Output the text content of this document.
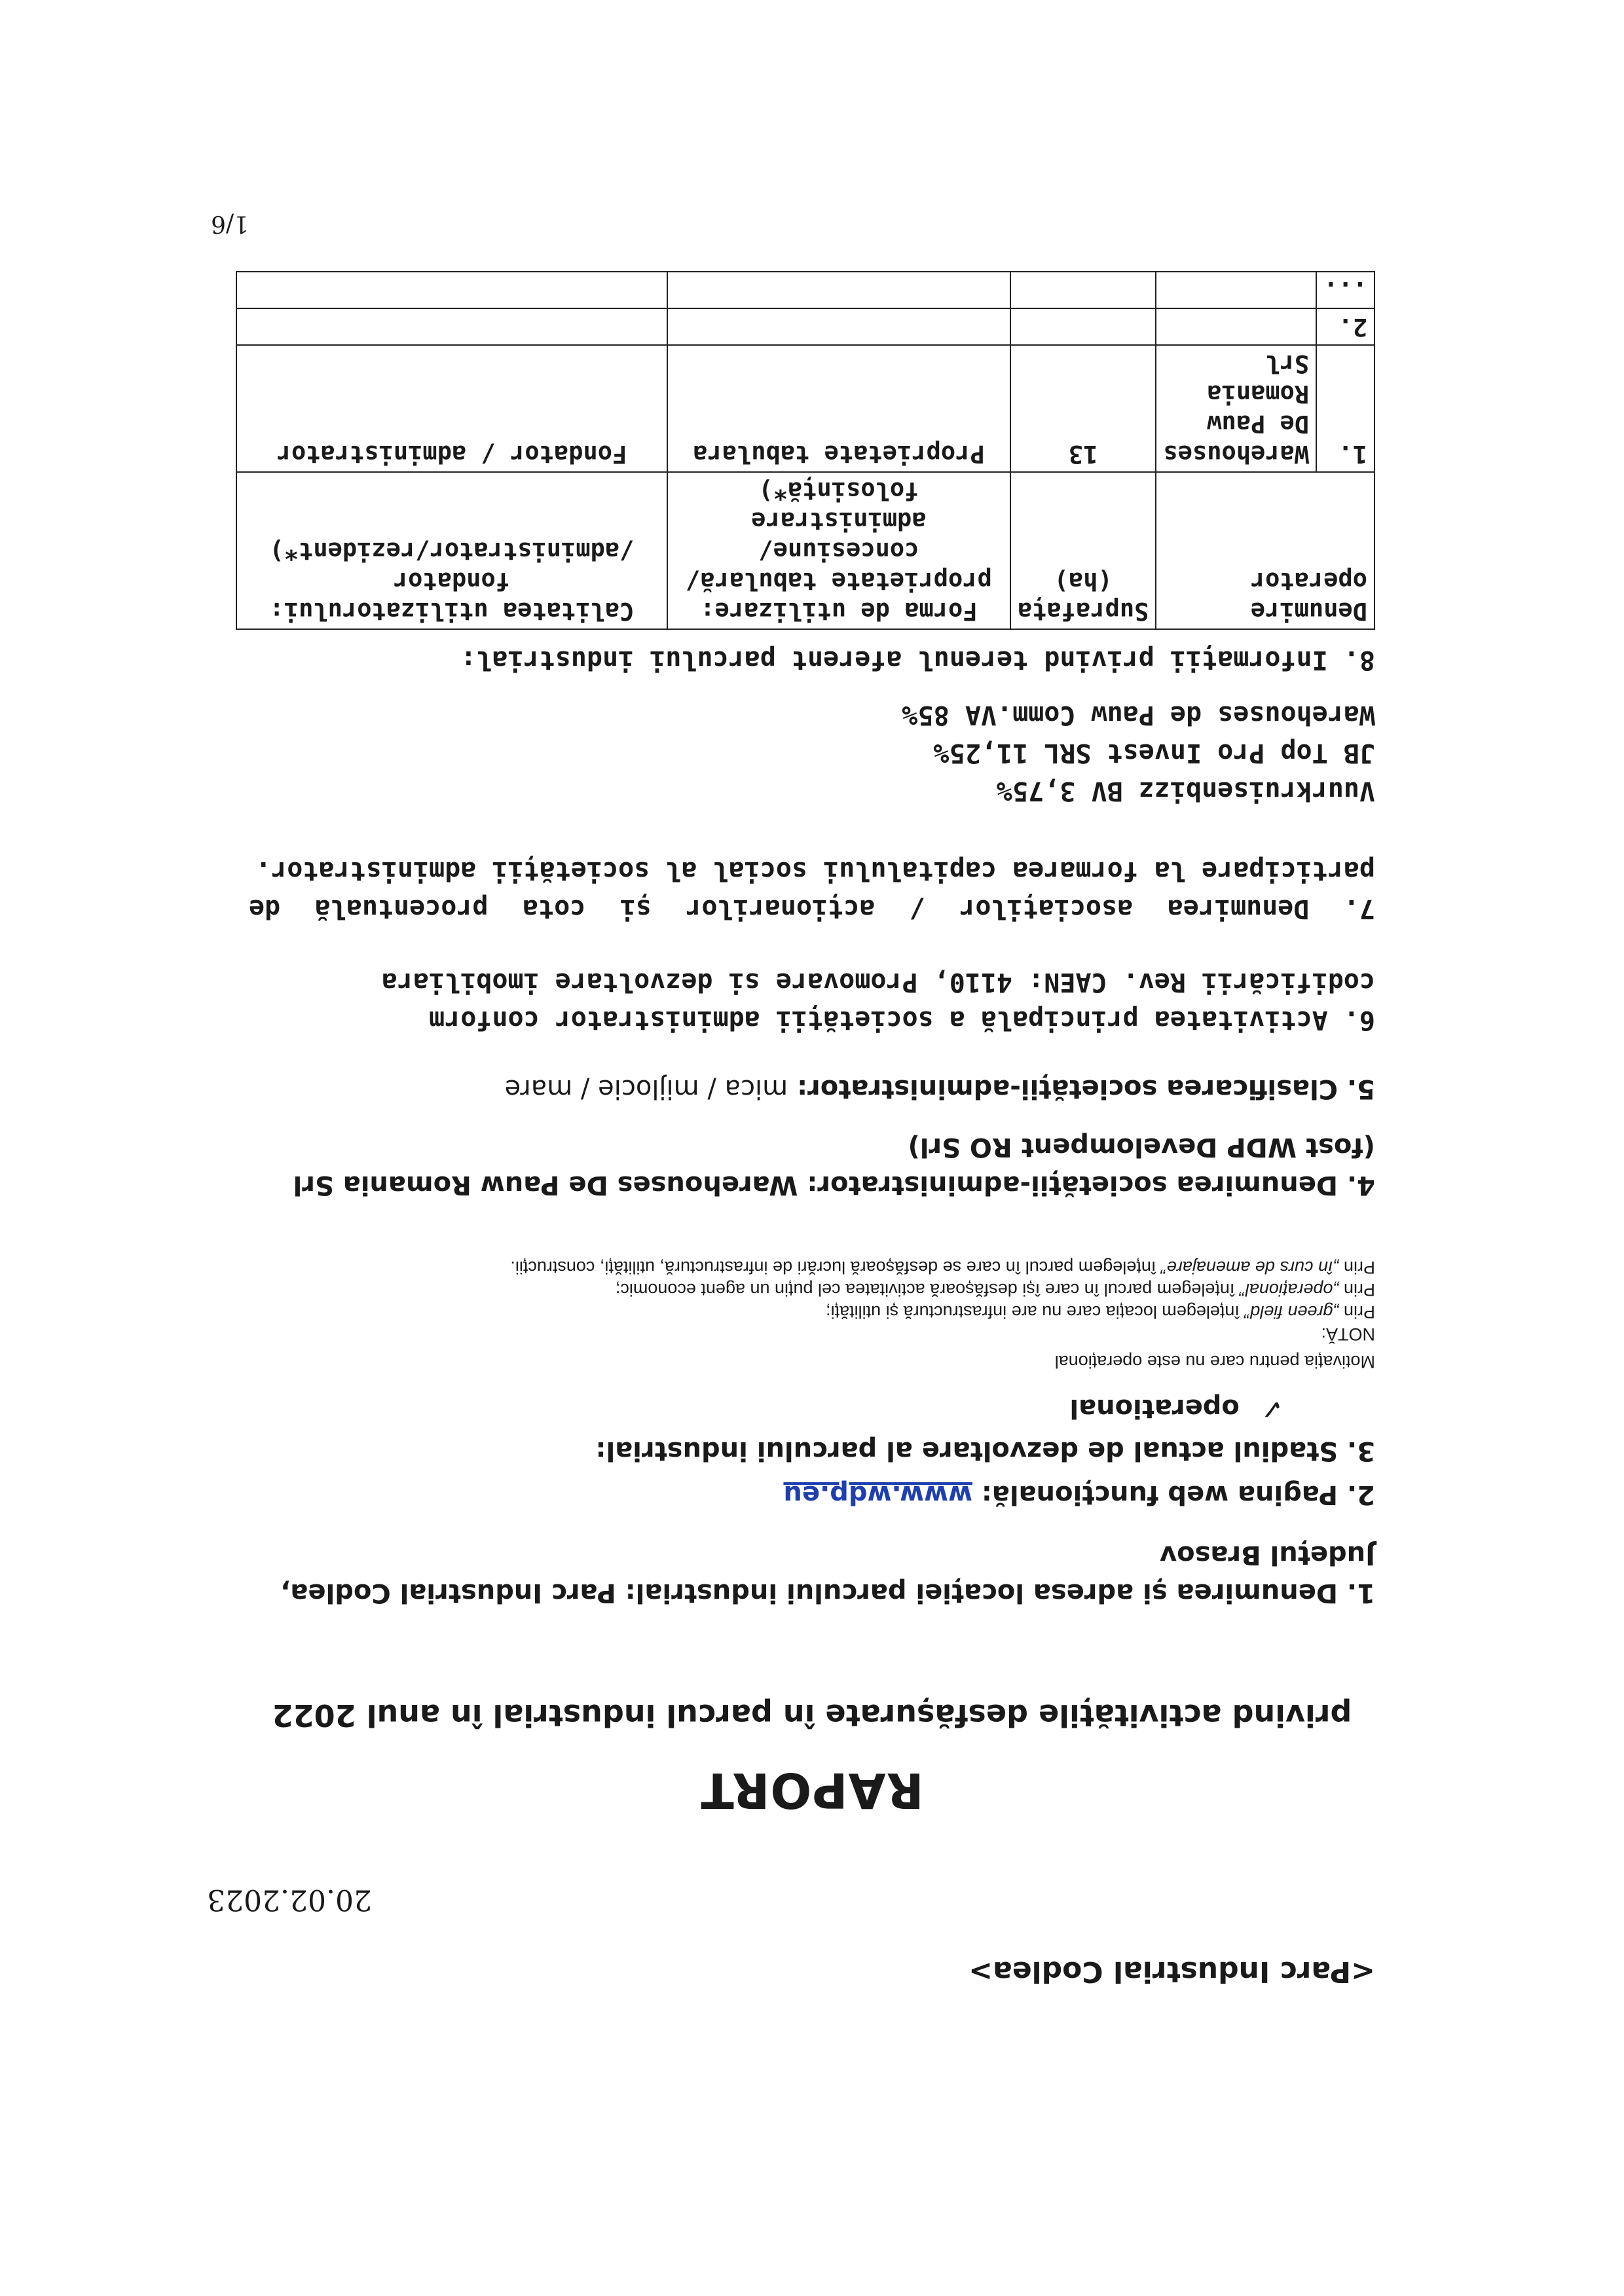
<Parc Industrial Codlea>
20.02.2023
RAPORT
privind activitățile desfășurate în parcul industrial în anul 2022
1. Denumirea și adresa locației parcului industrial: Parc Industrial Codlea, Județul Brasov
2. Pagina web funcțională: www.wdp.eu
3. Stadiul actual de dezvoltare al parcului industrial:
✓ operational
Motivația pentru care nu este operațional
NOTĂ:
Prin „green field” înțelegem locația care nu are infrastructură și utilități;
Prin „operațional” înțelegem parcul în care își desfășoară activitatea cel puțin un agent economic;
Prin „în curs de amenajare” înțelegem parcul în care se desfășoară lucrări de infrastructură, utilități, construcții.
4. Denumirea societății-administrator: Warehouses De Pauw Romania Srl (fost WDP Develompent RO Srl)
5. Clasificarea societății-administrator: mica / mijlocie / mare
6. Activitatea principală a societății administrator conform codificării Rev. CAEN: 4110, Promovare si dezvoltare imobiliara
7. Denumirea asociaților / acționarilor și cota procentuală de participare la formarea capitalului social al societății administrator.
Vuurkruisenbizz BV 3,75%
JB Top Pro Invest SRL 11,25%
Warehouses de Pauw Comm.VA 85%
8. Informații privind terenul aferent parcului industrial:
Denumire operator		Suprafața (ha)	Forma de utilizare: proprietate tabulară/ concesiune/ administrare folosință*)	Calitatea utilizatorului: fondator /administrator/rezident*)
1.	Warehouses De Pauw Romania Srl	13	Proprietate tabulara	Fondator / administrator
2.				
...				
1/6
